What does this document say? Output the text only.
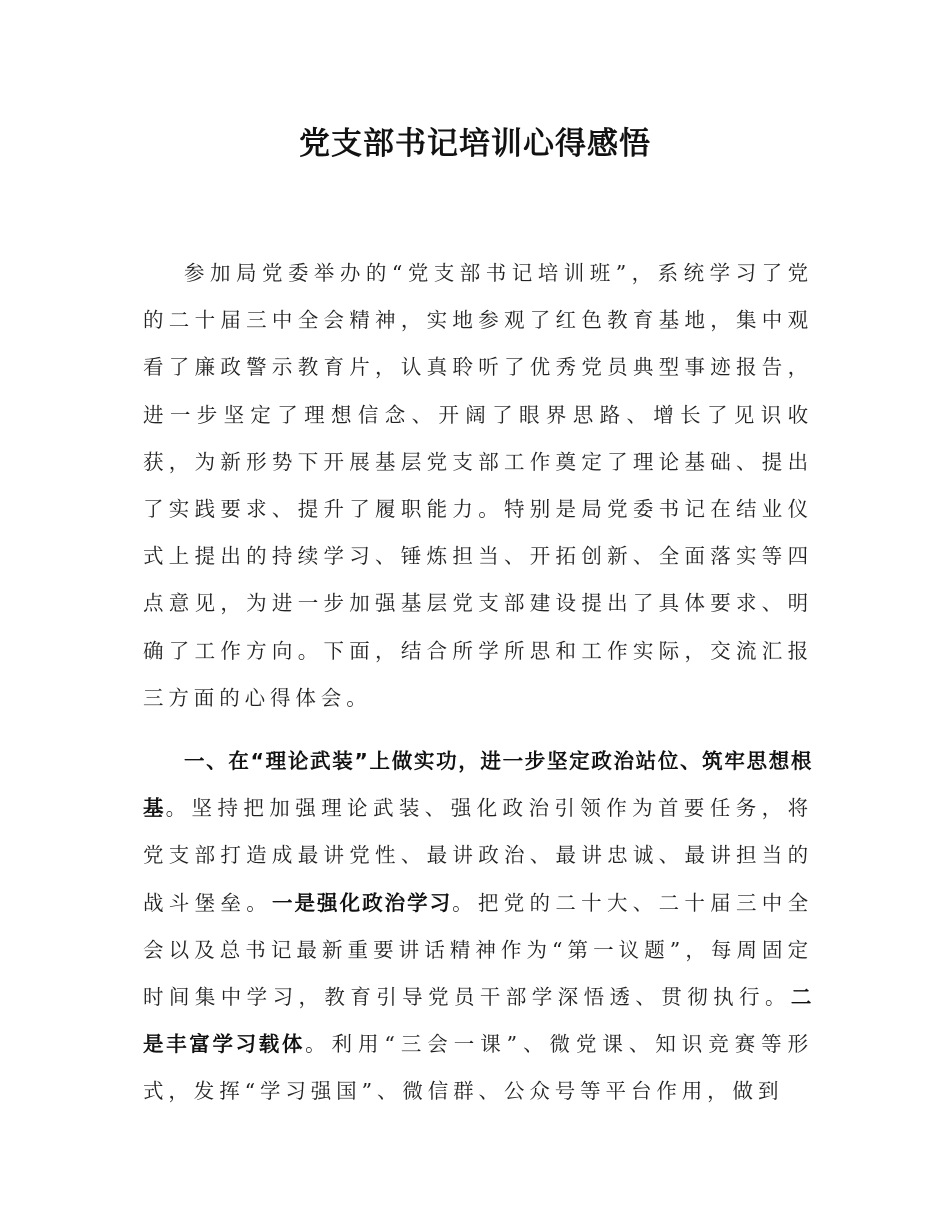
党支部书记培训心得感悟

参加局党委举办的“党支部书记培训班”，系统学习了党的二十届三中全会精神，实地参观了红色教育基地，集中观看了廉政警示教育片，认真聆听了优秀党员典型事迹报告，进一步坚定了理想信念、开阔了眼界思路、增长了见识收获，为新形势下开展基层党支部工作奠定了理论基础、提出了实践要求、提升了履职能力。特别是局党委书记在结业仪式上提出的持续学习、锤炼担当、开拓创新、全面落实等四点意见，为进一步加强基层党支部建设提出了具体要求、明确了工作方向。下面，结合所学所思和工作实际，交流汇报三方面的心得体会。

一、在“理论武装”上做实功，进一步坚定政治站位、筑牢思想根基。坚持把加强理论武装、强化政治引领作为首要任务，将党支部打造成最讲党性、最讲政治、最讲忠诚、最讲担当的战斗堡垒。一是强化政治学习。把党的二十大、二十届三中全会以及总书记最新重要讲话精神作为“第一议题”，每周固定时间集中学习，教育引导党员干部学深悟透、贯彻执行。二是丰富学习载体。利用“三会一课”、微党课、知识竞赛等形式，发挥“学习强国”、微信群、公众号等平台作用，做到
